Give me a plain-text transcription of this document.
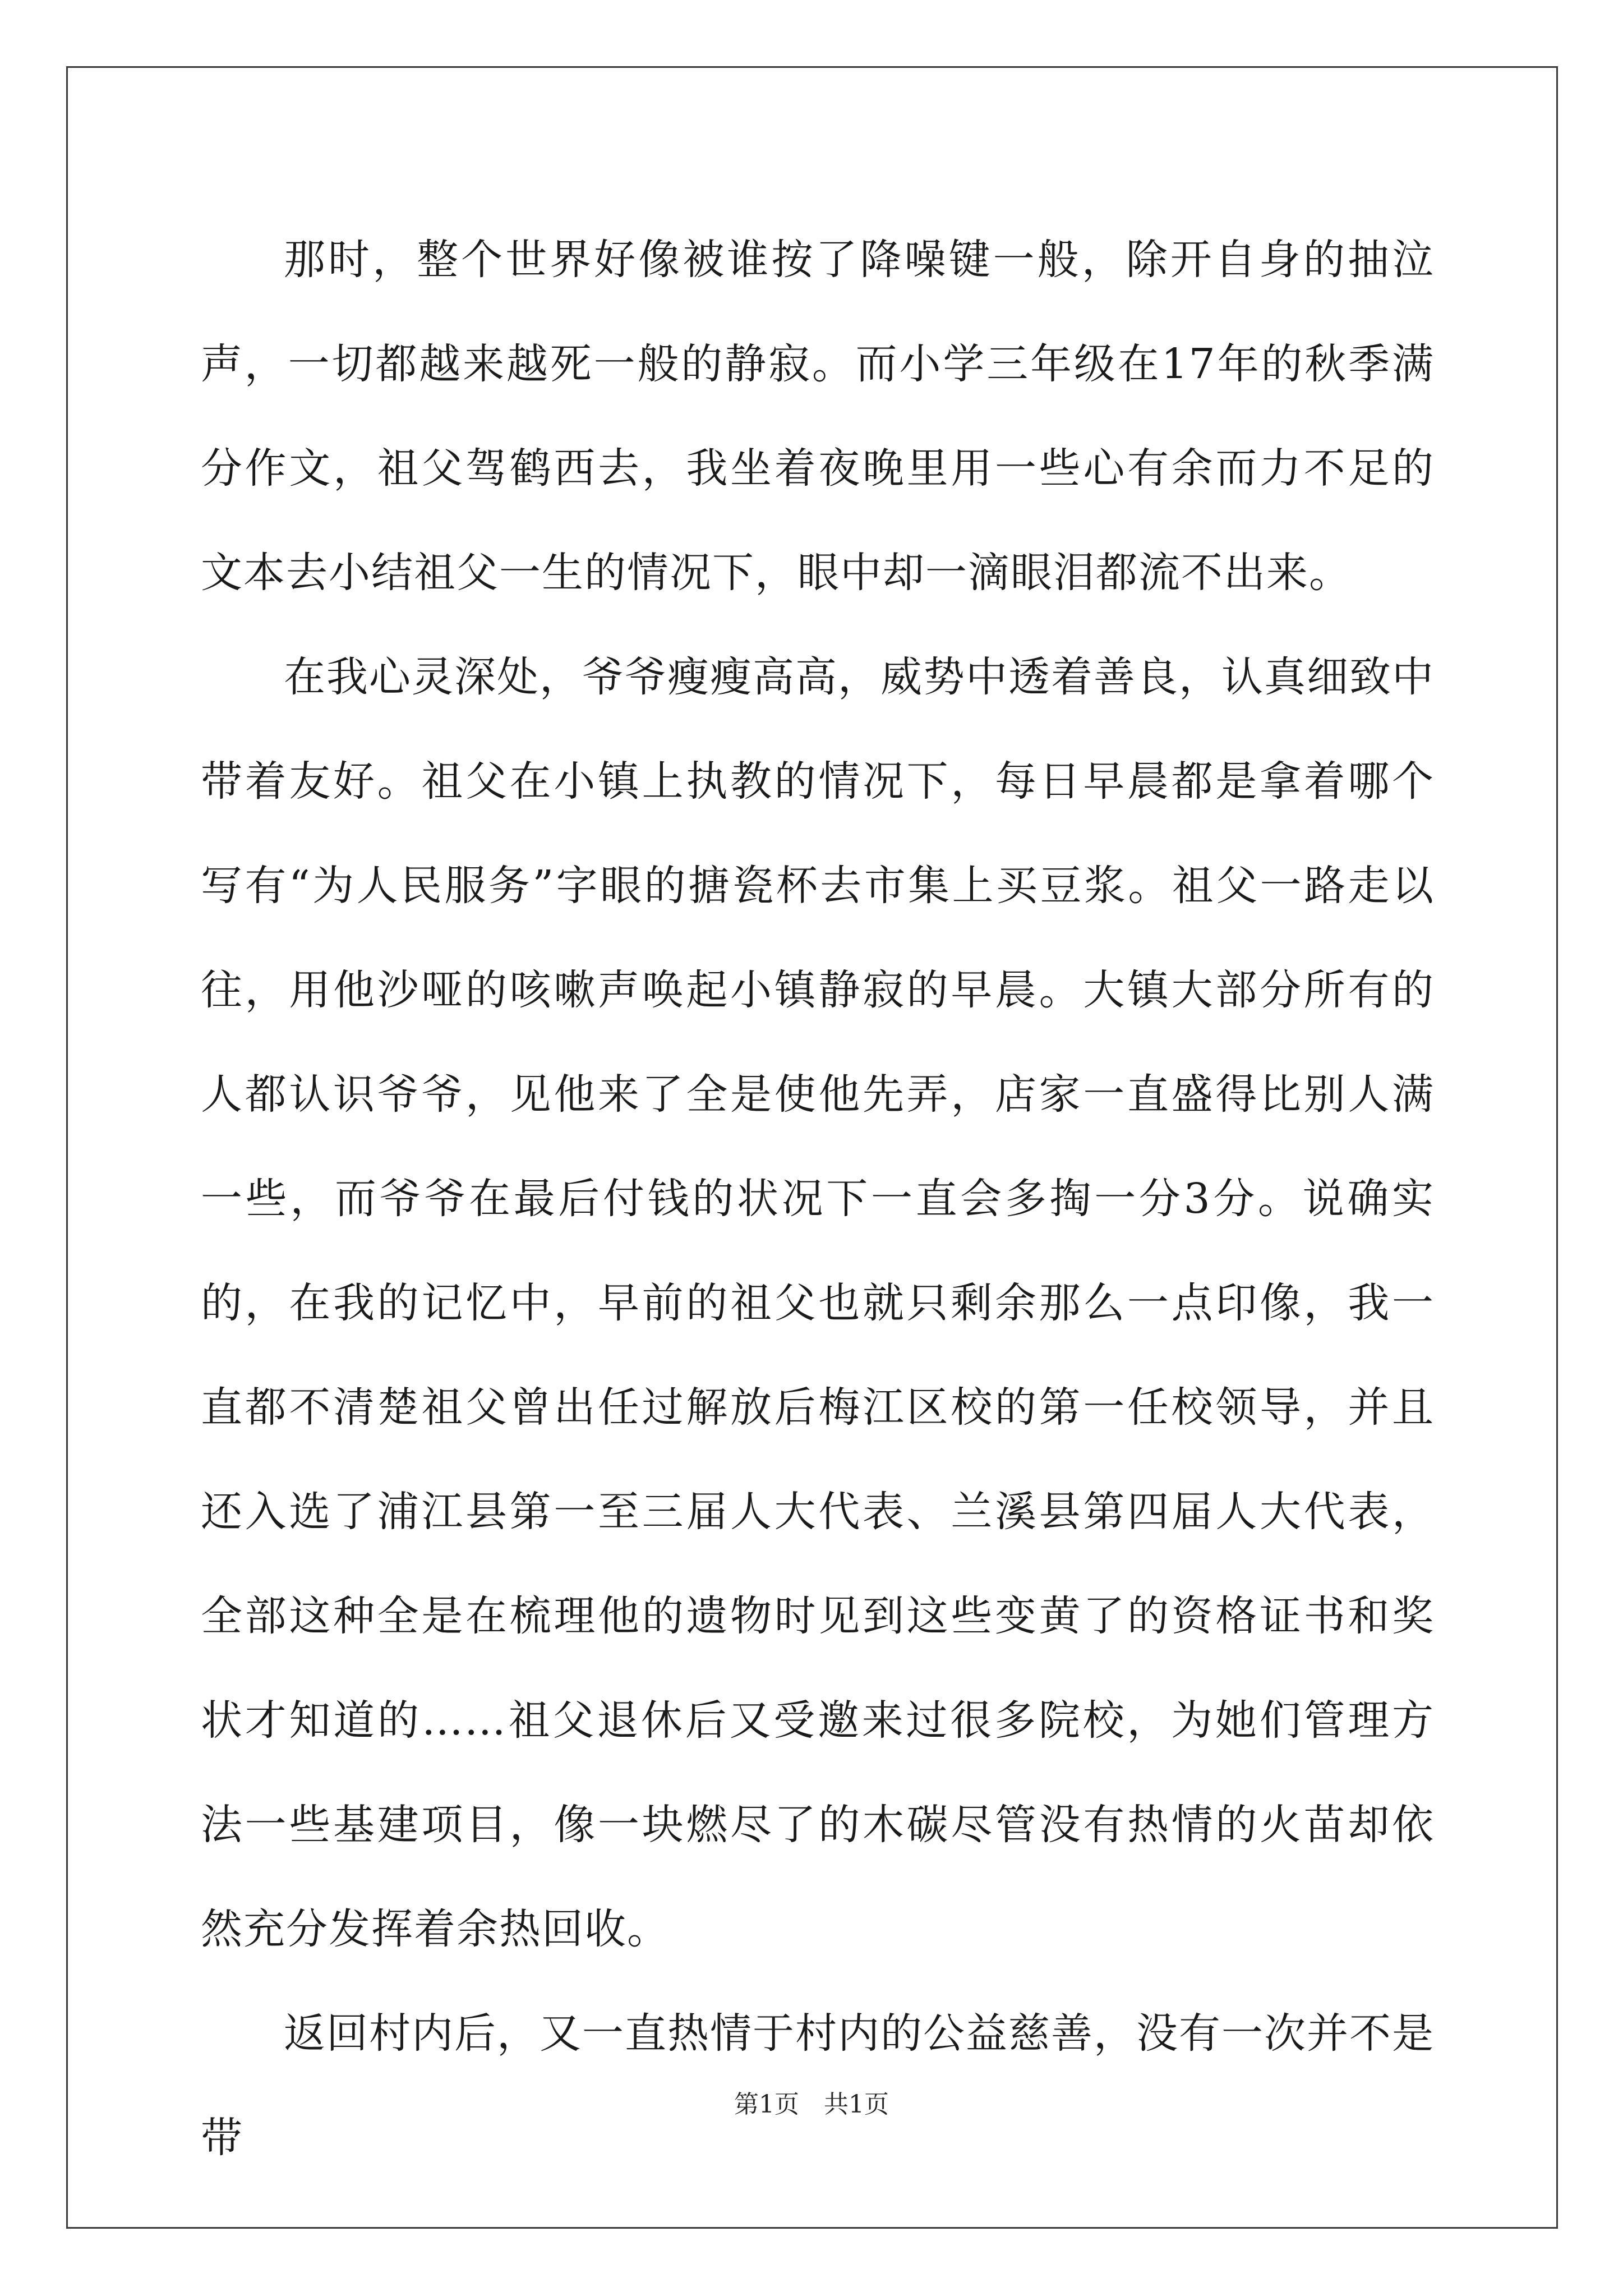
那时，整个世界好像被谁按了降噪键一般，除开自身的抽泣声，一切都越来越死一般的静寂。而小学三年级在17年的秋季满分作文，祖父驾鹤西去，我坐着夜晚里用一些心有余而力不足的文本去小结祖父一生的情况下，眼中却一滴眼泪都流不出来。

在我心灵深处，爷爷瘦瘦高高，威势中透着善良，认真细致中带着友好。祖父在小镇上执教的情况下，每日早晨都是拿着哪个写有“为人民服务”字眼的搪瓷杯去市集上买豆浆。祖父一路走以往，用他沙哑的咳嗽声唤起小镇静寂的早晨。大镇大部分所有的人都认识爷爷，见他来了全是使他先弄，店家一直盛得比别人满一些，而爷爷在最后付钱的状况下一直会多掏一分3分。说确实的，在我的记忆中，早前的祖父也就只剩余那么一点印像，我一直都不清楚祖父曾出任过解放后梅江区校的第一任校领导，并且还入选了浦江县第一至三届人大代表、兰溪县第四届人大代表，全部这种全是在梳理他的遗物时见到这些变黄了的资格证书和奖状才知道的……祖父退休后又受邀来过很多院校，为她们管理方法一些基建项目，像一块燃尽了的木碳尽管没有热情的火苗却依然充分发挥着余热回收。

返回村内后，又一直热情于村内的公益慈善，没有一次并不是带

第1页　共1页
